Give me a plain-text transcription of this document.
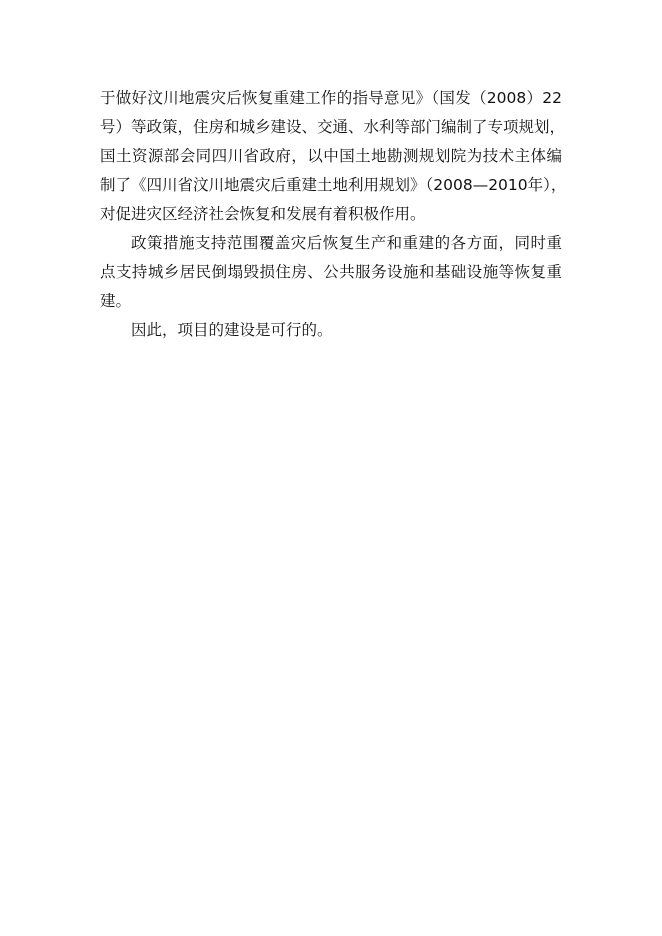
于做好汶川地震灾后恢复重建工作的指导意见》（国发（2008）22
号）等政策，住房和城乡建设、交通、水利等部门编制了专项规划，
国土资源部会同四川省政府，以中国土地勘测规划院为技术主体编
制了《四川省汶川地震灾后重建土地利用规划》（2008—2010年），
对促进灾区经济社会恢复和发展有着积极作用。
政策措施支持范围覆盖灾后恢复生产和重建的各方面，同时重
点支持城乡居民倒塌毁损住房、公共服务设施和基础设施等恢复重
建。
因此，项目的建设是可行的。
